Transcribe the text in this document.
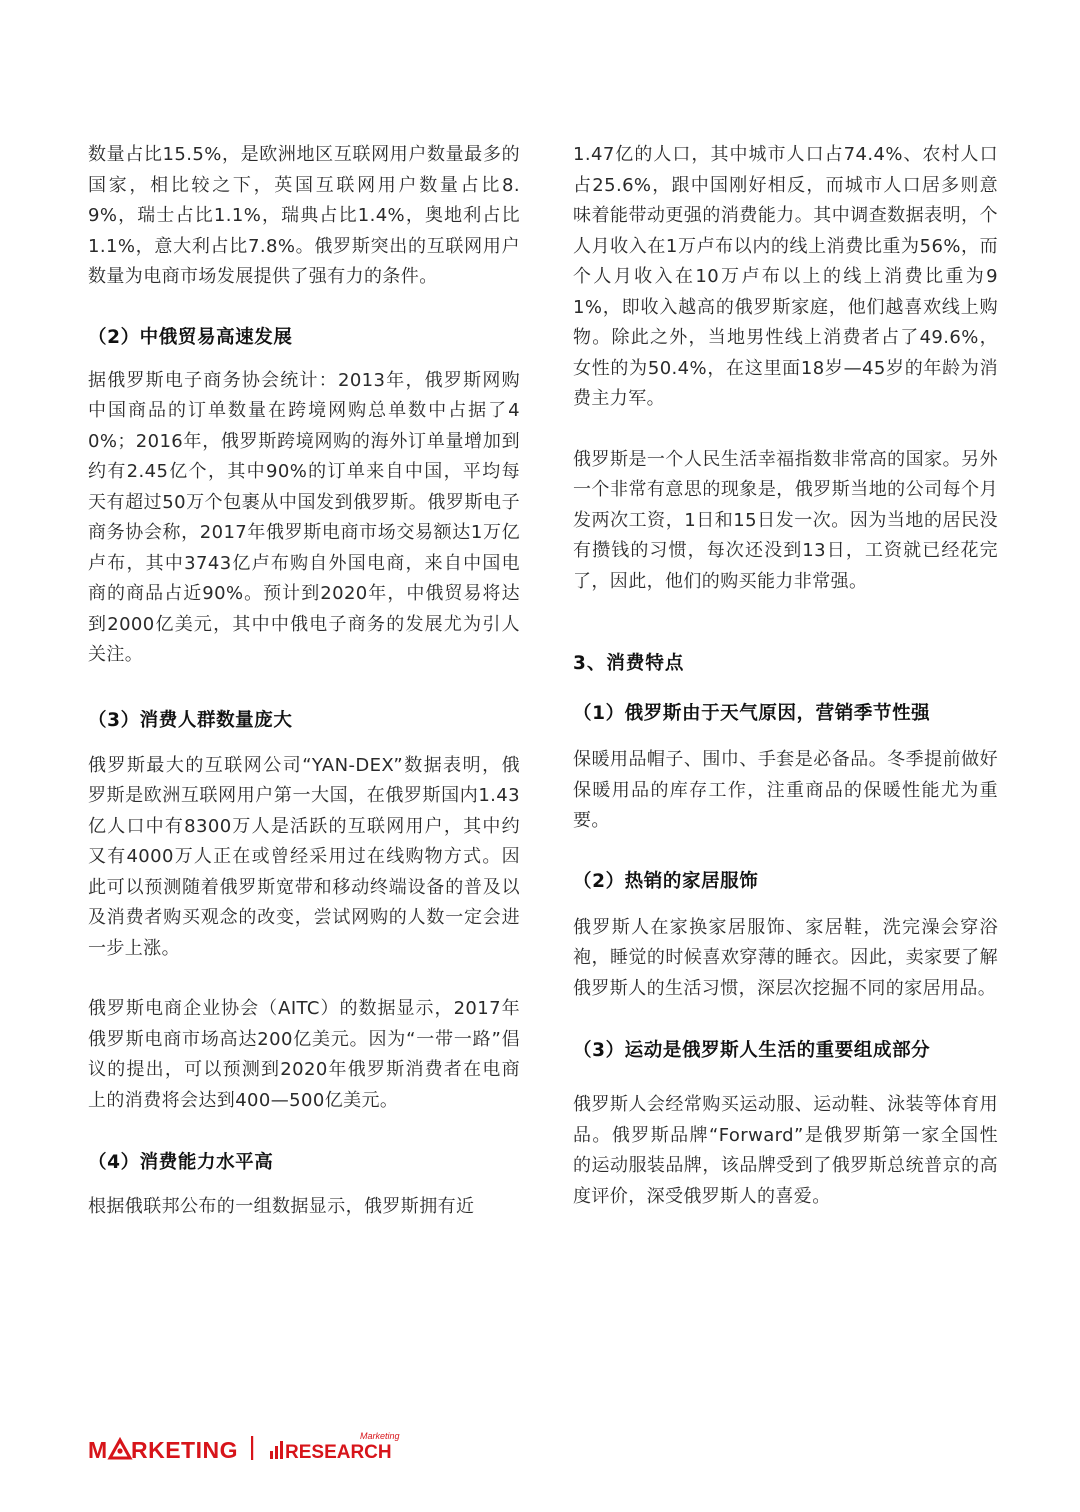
数量占比15.5%，是欧洲地区互联网用户数量最多的国家，相比较之下，英国互联网用户数量占比8.9%，瑞士占比1.1%，瑞典占比1.4%，奥地利占比1.1%，意大利占比7.8%。俄罗斯突出的互联网用户数量为电商市场发展提供了强有力的条件。

（2）中俄贸易高速发展

据俄罗斯电子商务协会统计：2013年，俄罗斯网购中国商品的订单数量在跨境网购总单数中占据了40%；2016年，俄罗斯跨境网购的海外订单量增加到约有2.45亿个，其中90%的订单来自中国，平均每天有超过50万个包裹从中国发到俄罗斯。俄罗斯电子商务协会称，2017年俄罗斯电商市场交易额达1万亿卢布，其中3743亿卢布购自外国电商，来自中国电商的商品占近90%。预计到2020年，中俄贸易将达到2000亿美元，其中中俄电子商务的发展尤为引人关注。

（3）消费人群数量庞大

俄罗斯最大的互联网公司“YAN-DEX”数据表明，俄罗斯是欧洲互联网用户第一大国，在俄罗斯国内1.43亿人口中有8300万人是活跃的互联网用户，其中约又有4000万人正在或曾经采用过在线购物方式。因此可以预测随着俄罗斯宽带和移动终端设备的普及以及消费者购买观念的改变，尝试网购的人数一定会进一步上涨。

俄罗斯电商企业协会（AITC）的数据显示，2017年俄罗斯电商市场高达200亿美元。因为“一带一路”倡议的提出，可以预测到2020年俄罗斯消费者在电商上的消费将会达到400—500亿美元。

（4）消费能力水平高

根据俄联邦公布的一组数据显示，俄罗斯拥有近

1.47亿的人口，其中城市人口占74.4%、农村人口占25.6%，跟中国刚好相反，而城市人口居多则意味着能带动更强的消费能力。其中调查数据表明，个人月收入在1万卢布以内的线上消费比重为56%，而个人月收入在10万卢布以上的线上消费比重为91%，即收入越高的俄罗斯家庭，他们越喜欢线上购物。除此之外，当地男性线上消费者占了49.6%，女性的为50.4%，在这里面18岁—45岁的年龄为消费主力军。

俄罗斯是一个人民生活幸福指数非常高的国家。另外一个非常有意思的现象是，俄罗斯当地的公司每个月发两次工资，1日和15日发一次。因为当地的居民没有攒钱的习惯，每次还没到13日，工资就已经花完了，因此，他们的购买能力非常强。

3、消费特点
（1）俄罗斯由于天气原因，营销季节性强

保暖用品帽子、围巾、手套是必备品。冬季提前做好保暖用品的库存工作，注重商品的保暖性能尤为重要。

（2）热销的家居服饰

俄罗斯人在家换家居服饰、家居鞋，洗完澡会穿浴袍，睡觉的时候喜欢穿薄的睡衣。因此，卖家要了解俄罗斯人的生活习惯，深层次挖掘不同的家居用品。

（3）运动是俄罗斯人生活的重要组成部分

俄罗斯人会经常购买运动服、运动鞋、泳装等体育用品。俄罗斯品牌“Forward”是俄罗斯第一家全国性的运动服装品牌，该品牌受到了俄罗斯总统普京的高度评价，深受俄罗斯人的喜爱。

M RKETING RESEARCH
Marketing
